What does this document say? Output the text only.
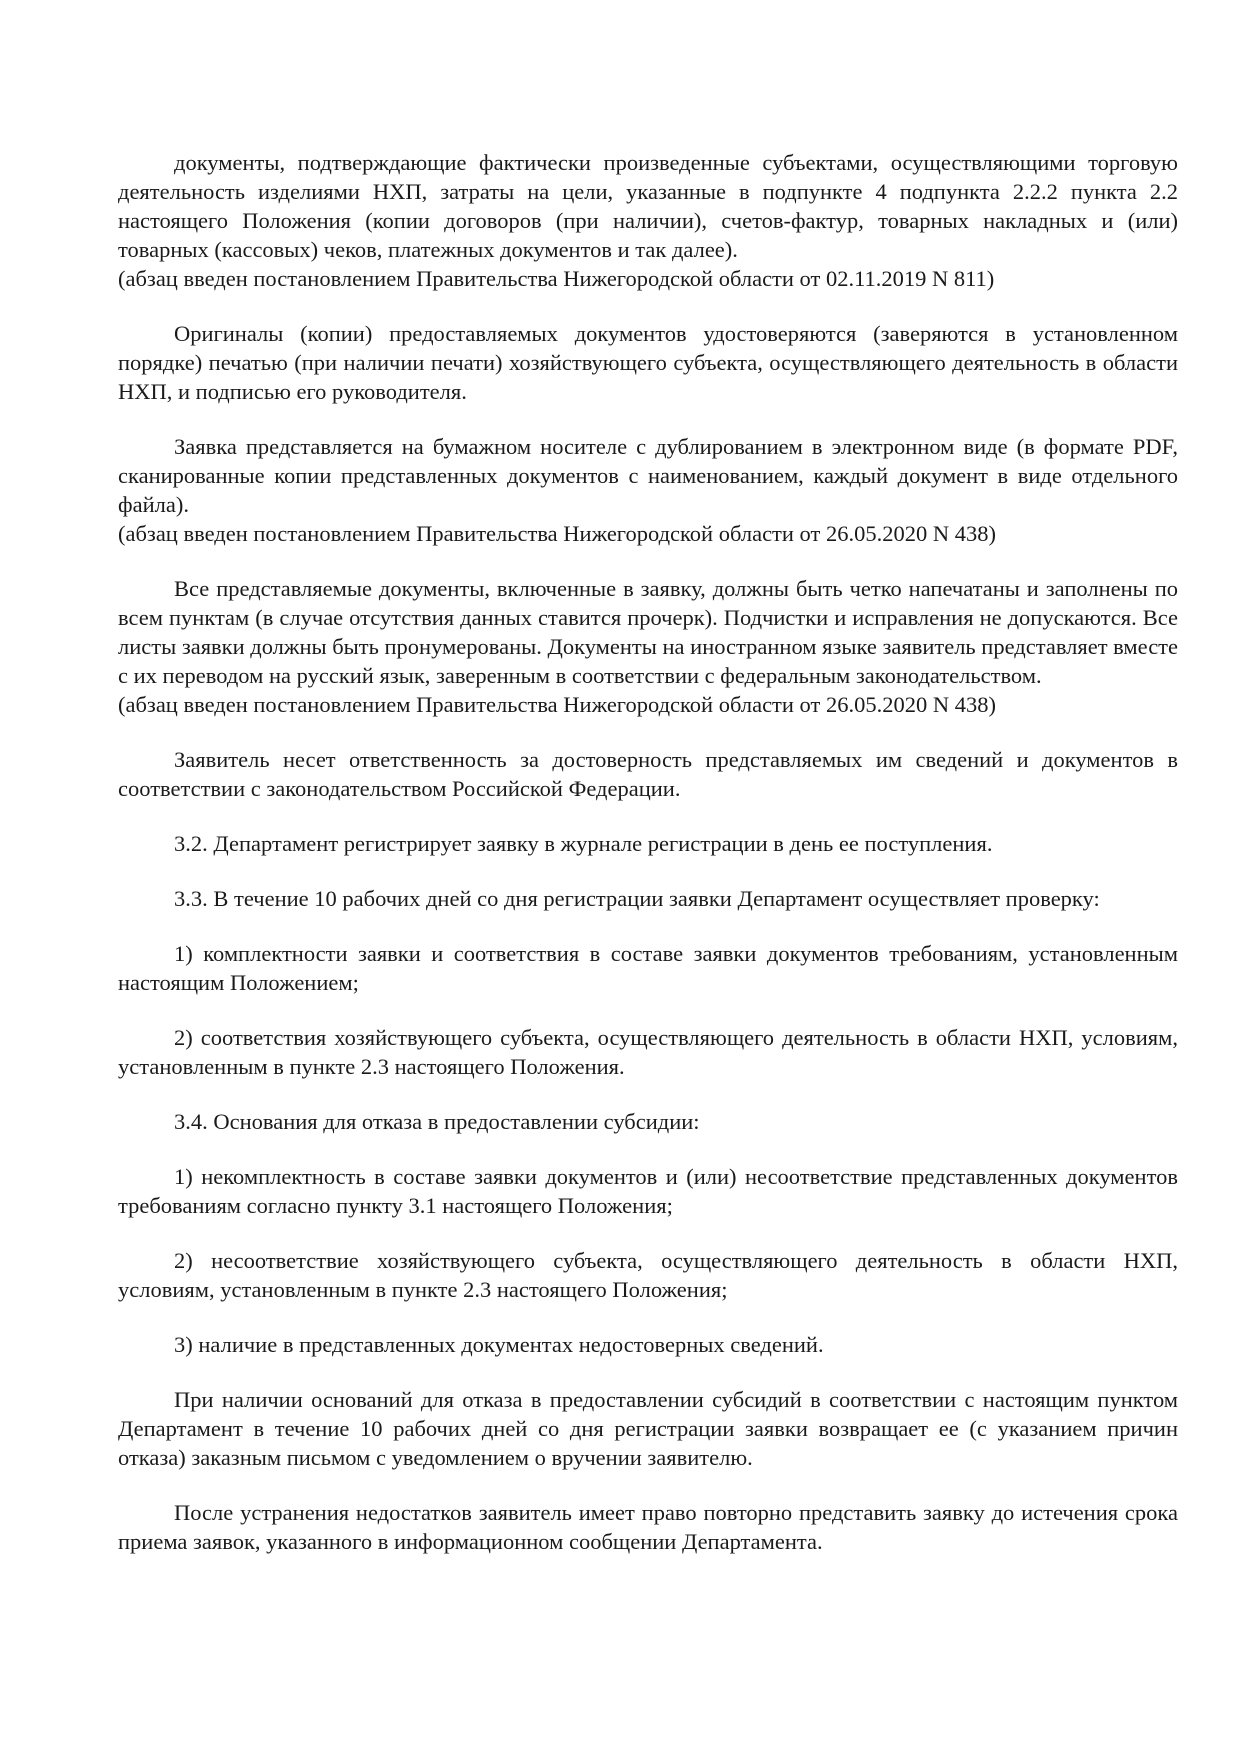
документы, подтверждающие фактически произведенные субъектами, осуществляющими торговую деятельность изделиями НХП, затраты на цели, указанные в подпункте 4 подпункта 2.2.2 пункта 2.2 настоящего Положения (копии договоров (при наличии), счетов-фактур, товарных накладных и (или) товарных (кассовых) чеков, платежных документов и так далее).

(абзац введен постановлением Правительства Нижегородской области от 02.11.2019 N 811)

Оригиналы (копии) предоставляемых документов удостоверяются (заверяются в установленном порядке) печатью (при наличии печати) хозяйствующего субъекта, осуществляющего деятельность в области НХП, и подписью его руководителя.

Заявка представляется на бумажном носителе с дублированием в электронном виде (в формате PDF, сканированные копии представленных документов с наименованием, каждый документ в виде отдельного файла).

(абзац введен постановлением Правительства Нижегородской области от 26.05.2020 N 438)

Все представляемые документы, включенные в заявку, должны быть четко напечатаны и заполнены по всем пунктам (в случае отсутствия данных ставится прочерк). Подчистки и исправления не допускаются. Все листы заявки должны быть пронумерованы. Документы на иностранном языке заявитель представляет вместе с их переводом на русский язык, заверенным в соответствии с федеральным законодательством.

(абзац введен постановлением Правительства Нижегородской области от 26.05.2020 N 438)

Заявитель несет ответственность за достоверность представляемых им сведений и документов в соответствии с законодательством Российской Федерации.

3.2. Департамент регистрирует заявку в журнале регистрации в день ее поступления.

3.3. В течение 10 рабочих дней со дня регистрации заявки Департамент осуществляет проверку:

1) комплектности заявки и соответствия в составе заявки документов требованиям, установленным настоящим Положением;

2) соответствия хозяйствующего субъекта, осуществляющего деятельность в области НХП, условиям, установленным в пункте 2.3 настоящего Положения.

3.4. Основания для отказа в предоставлении субсидии:

1) некомплектность в составе заявки документов и (или) несоответствие представленных документов требованиям согласно пункту 3.1 настоящего Положения;

2) несоответствие хозяйствующего субъекта, осуществляющего деятельность в области НХП, условиям, установленным в пункте 2.3 настоящего Положения;

3) наличие в представленных документах недостоверных сведений.

При наличии оснований для отказа в предоставлении субсидий в соответствии с настоящим пунктом Департамент в течение 10 рабочих дней со дня регистрации заявки возвращает ее (с указанием причин отказа) заказным письмом с уведомлением о вручении заявителю.

После устранения недостатков заявитель имеет право повторно представить заявку до истечения срока приема заявок, указанного в информационном сообщении Департамента.
